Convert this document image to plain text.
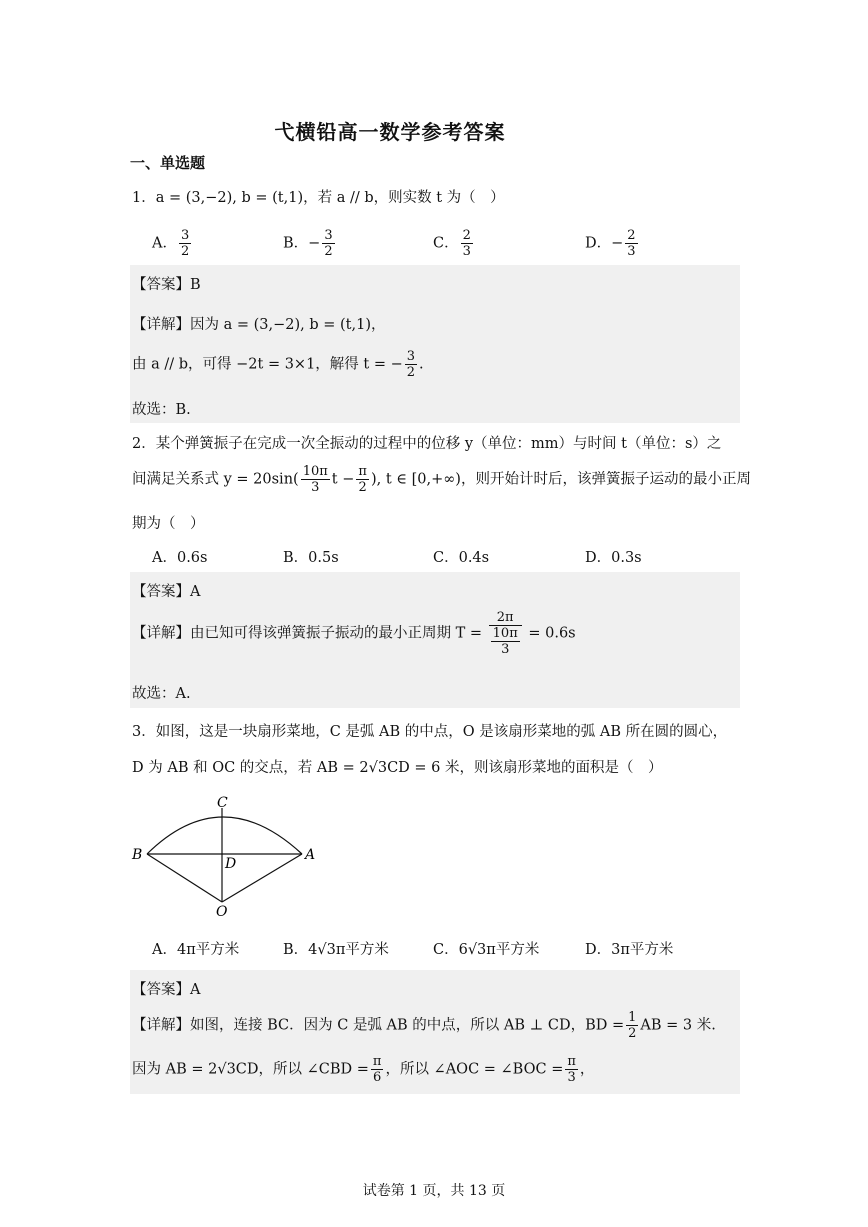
弋横铅高一数学参考答案
一、单选题
1．a = (3,−2), b = (t,1)，若 a // b，则实数 t 为（　）
A． $\frac{3}{2}$	B．− $\frac{3}{2}$	C． $\frac{2}{3}$	D．− $\frac{2}{3}$
【答案】B
【详解】因为 a = (3,−2), b = (t,1)，
由 a // b，可得 −2t = 3×1，解得 t = − $\frac{3}{2}$ .
故选：B.
2．某个弹簧振子在完成一次全振动的过程中的位移 y（单位：mm）与时间 t（单位：s）之
间满足关系式 $y = 20\sin( \frac{10\pi}{3}$ $t - \frac{\pi}{2}$ ), t ∈ [0,+∞)，则开始计时后，该弹簧振子运动的最小正周
期为（　）
A．0.6s	B．0.5s	C．0.4s	D．0.3s
【答案】A
【详解】由已知可得该弹簧振子振动的最小正周期 $T = \frac{2\pi}{\frac{10\pi}{3}} = 0.6s$
故选：A.
3．如图，这是一块扇形菜地，C 是弧 AB 的中点，O 是该扇形菜地的弧 AB 所在圆的圆心，
D 为 AB 和 OC 的交点，若 AB = 2√3CD = 6 米，则该扇形菜地的面积是（　）
C
B	A
D
O
A．4π平方米	B．4√3π平方米	C．6√3π平方米	D．3π平方米
【答案】A
【详解】如图，连接 BC．因为 C 是弧 AB 的中点，所以 AB ⊥ CD，BD = $\frac{1}{2}$ AB = 3 米.
因为 AB = 2√3CD，所以 ∠CBD = $\frac{\pi}{6}$ ，所以 ∠AOC = ∠BOC = $\frac{\pi}{3}$ ，
试卷第 1 页，共 13 页
